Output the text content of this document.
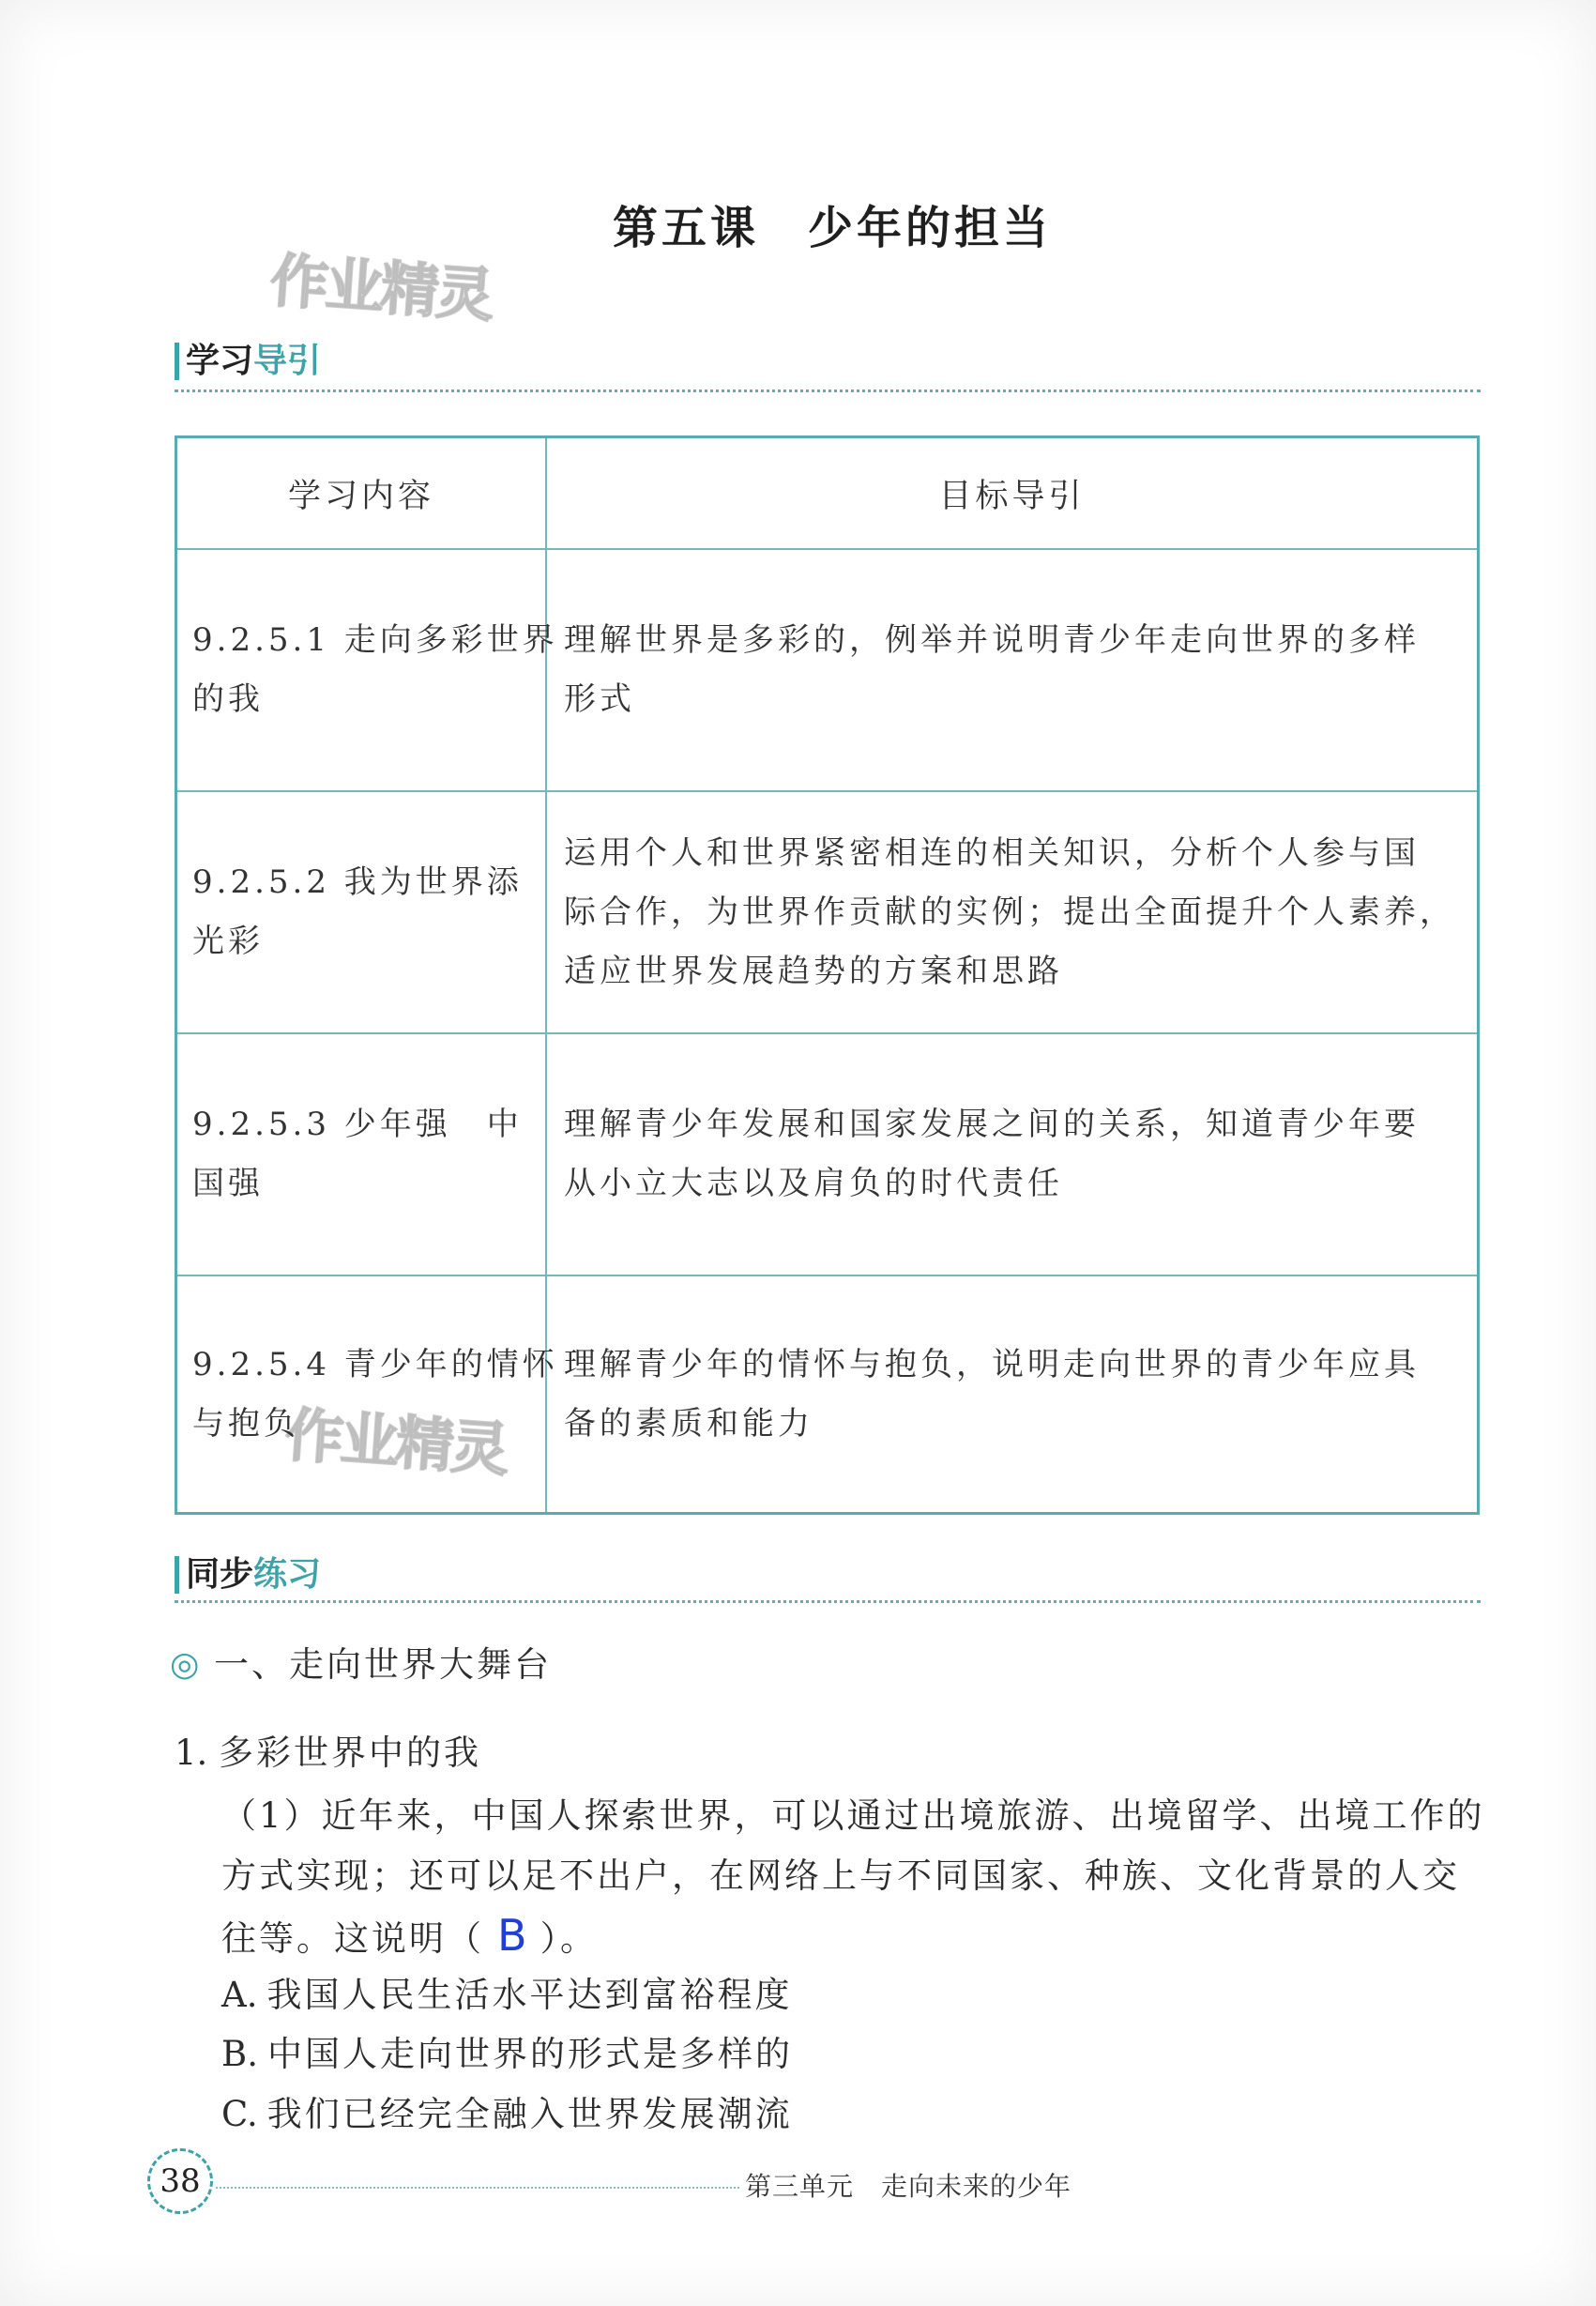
作业精灵
作业精灵
第五课　少年的担当
学习导引
学习内容	目标导引
9.2.5.1 走向多彩世界
的我
理解世界是多彩的，例举并说明青少年走向世界的多样
形式
9.2.5.2 我为世界添
光彩
运用个人和世界紧密相连的相关知识，分析个人参与国
际合作，为世界作贡献的实例；提出全面提升个人素养，
适应世界发展趋势的方案和思路
9.2.5.3 少年强　中
国强
理解青少年发展和国家发展之间的关系，知道青少年要
从小立大志以及肩负的时代责任
9.2.5.4 青少年的情怀
与抱负
理解青少年的情怀与抱负，说明走向世界的青少年应具
备的素质和能力
同步练习
◎ 一、走向世界大舞台
1. 多彩世界中的我
（1）近年来，中国人探索世界，可以通过出境旅游、出境留学、出境工作的
方式实现；还可以足不出户，在网络上与不同国家、种族、文化背景的人交
往等。这说明（ B ）。
A. 我国人民生活水平达到富裕程度
B. 中国人走向世界的形式是多样的
C. 我们已经完全融入世界发展潮流
38	第三单元　走向未来的少年
